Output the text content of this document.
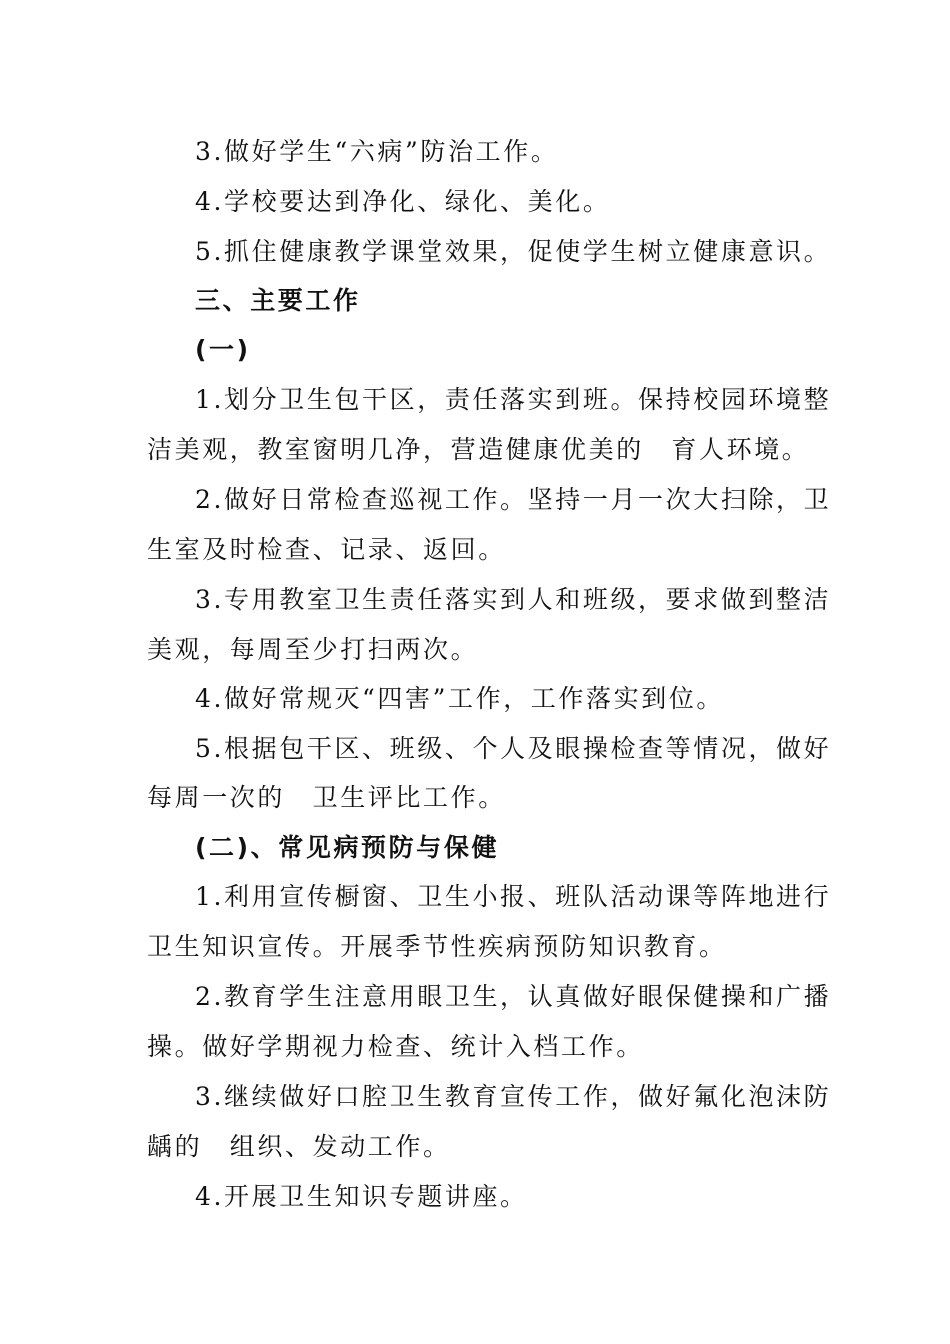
3.做好学生“六病”防治工作。
4.学校要达到净化、绿化、美化。
5.抓住健康教学课堂效果，促使学生树立健康意识。
三、主要工作
(一)
1.划分卫生包干区，责任落实到班。保持校园环境整
洁美观，教室窗明几净，营造健康优美的　育人环境。
2.做好日常检查巡视工作。坚持一月一次大扫除，卫
生室及时检查、记录、返回。
3.专用教室卫生责任落实到人和班级，要求做到整洁
美观，每周至少打扫两次。
4.做好常规灭“四害”工作，工作落实到位。
5.根据包干区、班级、个人及眼操检查等情况，做好
每周一次的　卫生评比工作。
(二)、常见病预防与保健
1.利用宣传橱窗、卫生小报、班队活动课等阵地进行
卫生知识宣传。开展季节性疾病预防知识教育。
2.教育学生注意用眼卫生，认真做好眼保健操和广播
操。做好学期视力检查、统计入档工作。
3.继续做好口腔卫生教育宣传工作，做好氟化泡沫防
龋的　组织、发动工作。
4.开展卫生知识专题讲座。
